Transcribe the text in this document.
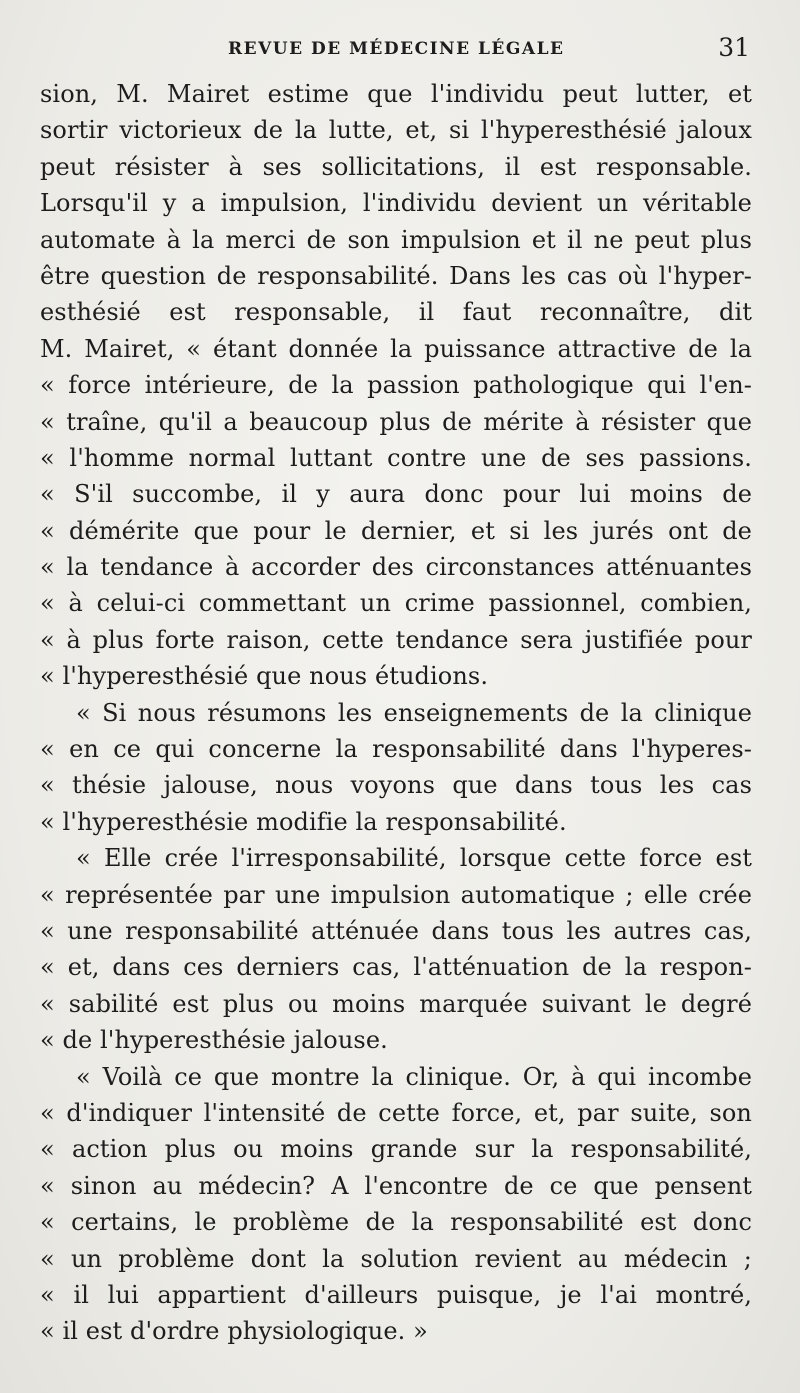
REVUE DE MÉDECINE LÉGALE	31
sion, M. Mairet estime que l'individu peut lutter, et
sortir victorieux de la lutte, et, si l'hyperesthésié jaloux
peut résister à ses sollicitations, il est responsable.
Lorsqu'il y a impulsion, l'individu devient un véritable
automate à la merci de son impulsion et il ne peut plus
être question de responsabilité. Dans les cas où l'hyper-
esthésié est responsable, il faut reconnaître, dit
M. Mairet, « étant donnée la puissance attractive de la
« force intérieure, de la passion pathologique qui l'en-
« traîne, qu'il a beaucoup plus de mérite à résister que
« l'homme normal luttant contre une de ses passions.
« S'il succombe, il y aura donc pour lui moins de
« démérite que pour le dernier, et si les jurés ont de
« la tendance à accorder des circonstances atténuantes
« à celui-ci commettant un crime passionnel, combien,
« à plus forte raison, cette tendance sera justifiée pour
« l'hyperesthésié que nous étudions.
« Si nous résumons les enseignements de la clinique
« en ce qui concerne la responsabilité dans l'hyperes-
« thésie jalouse, nous voyons que dans tous les cas
« l'hyperesthésie modifie la responsabilité.
« Elle crée l'irresponsabilité, lorsque cette force est
« représentée par une impulsion automatique ; elle crée
« une responsabilité atténuée dans tous les autres cas,
« et, dans ces derniers cas, l'atténuation de la respon-
« sabilité est plus ou moins marquée suivant le degré
« de l'hyperesthésie jalouse.
« Voilà ce que montre la clinique. Or, à qui incombe
« d'indiquer l'intensité de cette force, et, par suite, son
« action plus ou moins grande sur la responsabilité,
« sinon au médecin? A l'encontre de ce que pensent
« certains, le problème de la responsabilité est donc
« un problème dont la solution revient au médecin ;
« il lui appartient d'ailleurs puisque, je l'ai montré,
« il est d'ordre physiologique. »
